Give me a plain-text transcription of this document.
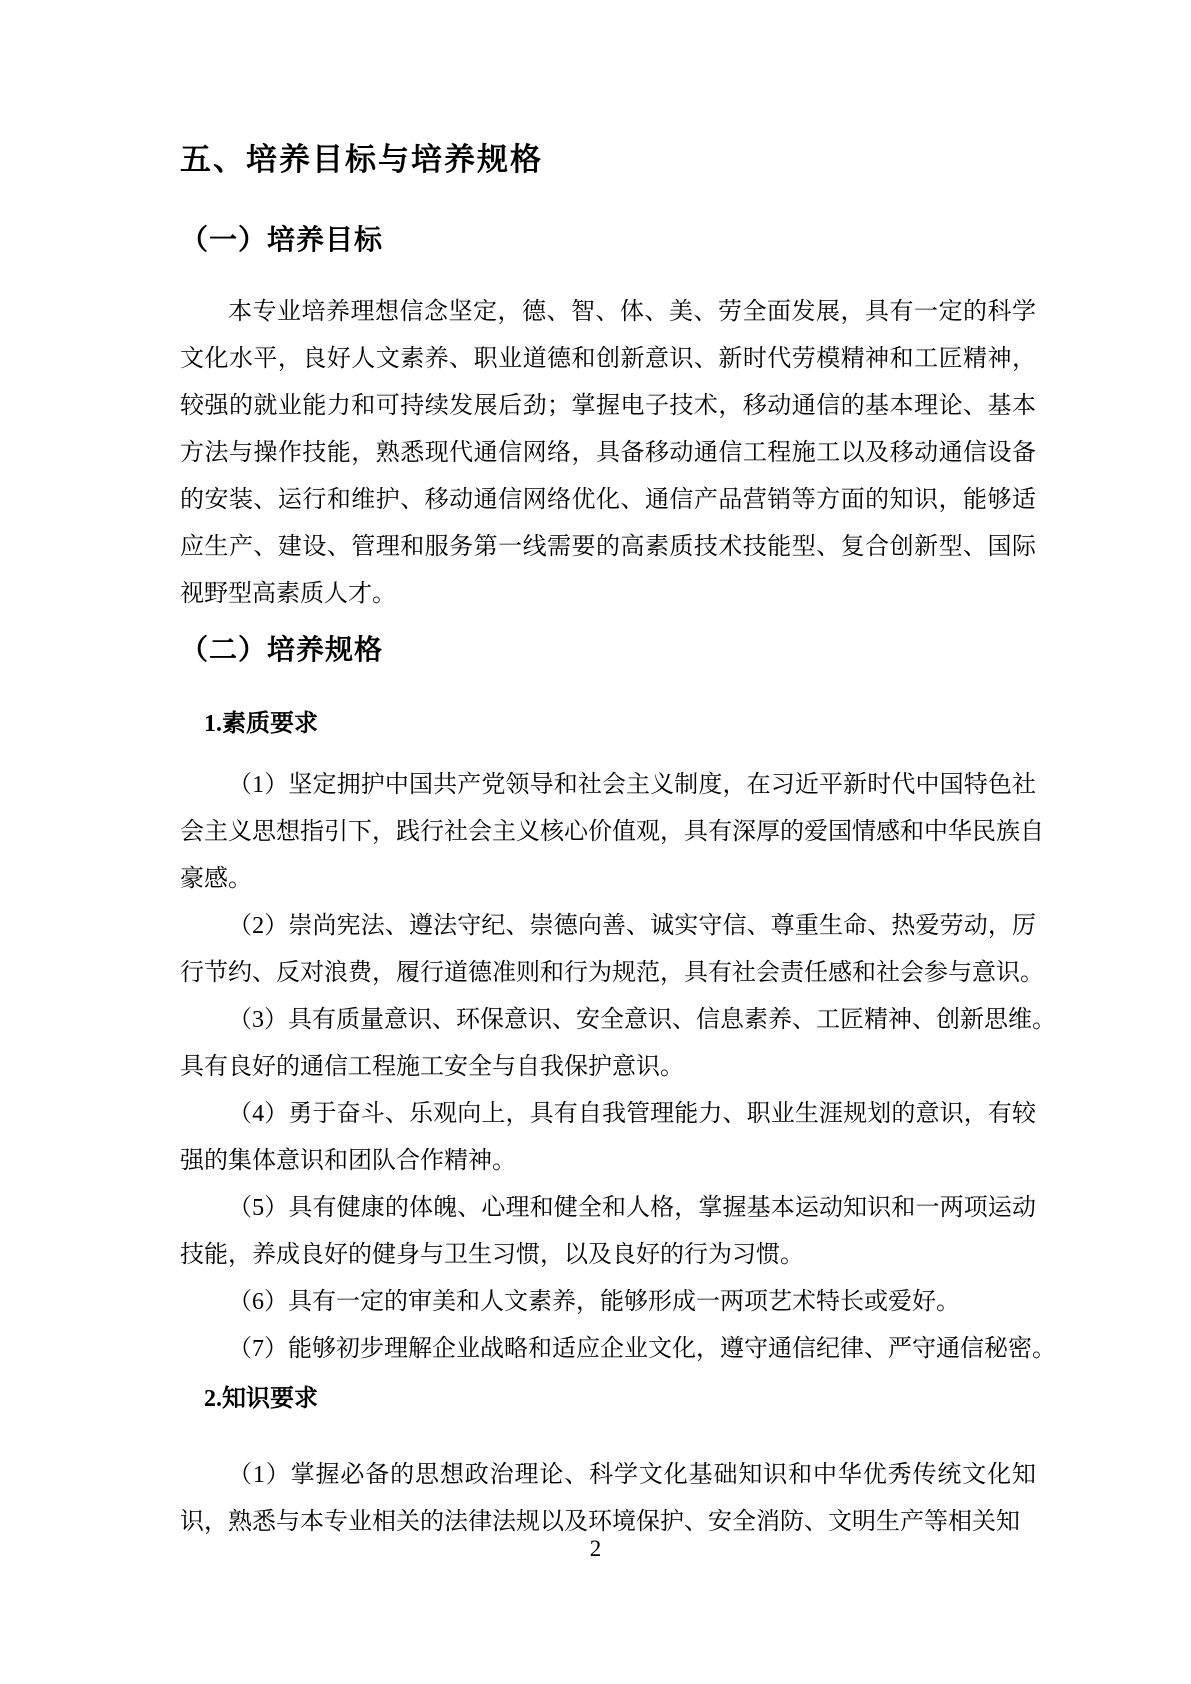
五、培养目标与培养规格
（一）培养目标
本专业培养理想信念坚定，德、智、体、美、劳全面发展，具有一定的科学
文化水平，良好人文素养、职业道德和创新意识、新时代劳模精神和工匠精神，
较强的就业能力和可持续发展后劲；掌握电子技术，移动通信的基本理论、基本
方法与操作技能，熟悉现代通信网络，具备移动通信工程施工以及移动通信设备
的安装、运行和维护、移动通信网络优化、通信产品营销等方面的知识，能够适
应生产、建设、管理和服务第一线需要的高素质技术技能型、复合创新型、国际
视野型高素质人才。
（二）培养规格
1.素质要求
（1）坚定拥护中国共产党领导和社会主义制度，在习近平新时代中国特色社
会主义思想指引下，践行社会主义核心价值观，具有深厚的爱国情感和中华民族自
豪感。
（2）崇尚宪法、遵法守纪、崇德向善、诚实守信、尊重生命、热爱劳动，厉
行节约、反对浪费，履行道德准则和行为规范，具有社会责任感和社会参与意识。
（3）具有质量意识、环保意识、安全意识、信息素养、工匠精神、创新思维。
具有良好的通信工程施工安全与自我保护意识。
（4）勇于奋斗、乐观向上，具有自我管理能力、职业生涯规划的意识，有较
强的集体意识和团队合作精神。
（5）具有健康的体魄、心理和健全和人格，掌握基本运动知识和一两项运动
技能，养成良好的健身与卫生习惯，以及良好的行为习惯。
（6）具有一定的审美和人文素养，能够形成一两项艺术特长或爱好。
（7）能够初步理解企业战略和适应企业文化，遵守通信纪律、严守通信秘密。
2.知识要求
（1）掌握必备的思想政治理论、科学文化基础知识和中华优秀传统文化知
识，熟悉与本专业相关的法律法规以及环境保护、安全消防、文明生产等相关知
2
